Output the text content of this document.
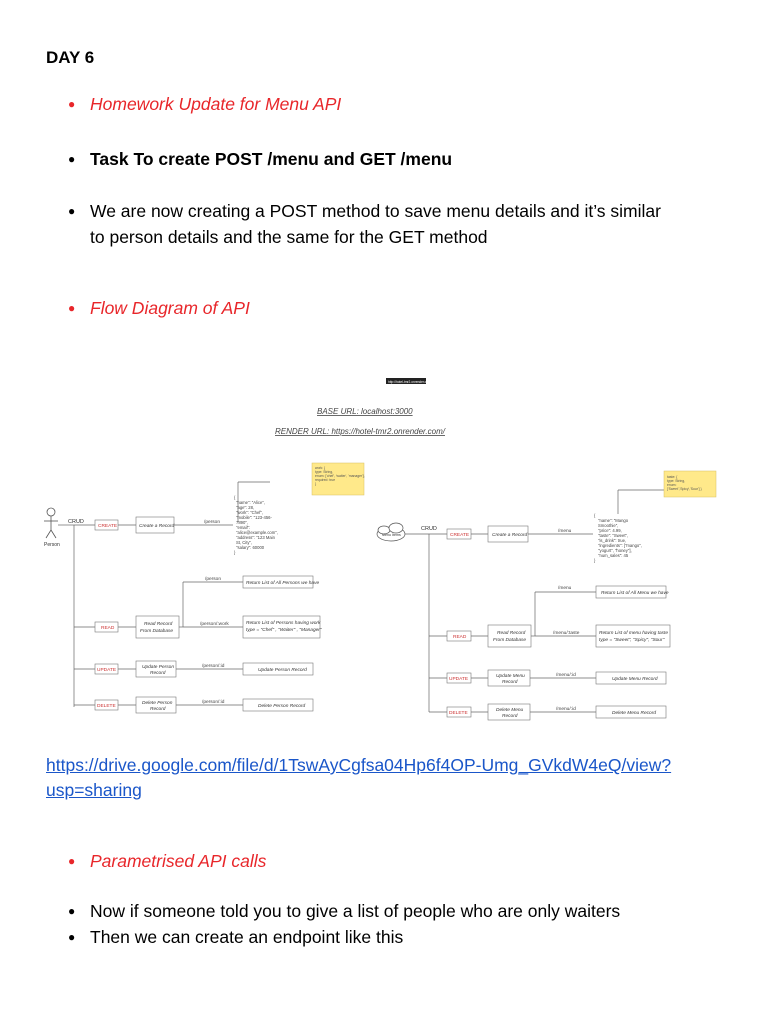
DAY 6
● Homework Update for Menu API
● Task To create POST /menu and GET /menu
● We are now creating a POST method to save menu details and it’s similar
to person details and the same for the GET method
● Flow Diagram of API
http://hotel-tmr2.onrender.com
BASE URL: localhost:3000
RENDER URL: https://hotel-tmr2.onrender.com/
Person
CRUD
CREATE
READ
UPDATE
DELETE
Create a Record
Read Record
From Database
Update Person
Record
Delete Person
Record
Return List of All Persons we have
Return List of Persons having work
type = "Chef" , "Waiter" , "Manager"
Update Person Record
Delete Person Record
/person
/person
/person/:work
/person/:id
/person/:id
{
"name": "Alice",
"age": 28,
"work": "Chef",
"mobile": "123-456-
7890",
"email":
"alice@example.com",
"address": "123 Main
St, City",
"salary": 60000
}
work: {
type: String,
enum: ['chef', 'waiter', 'manager'],
required: true
}
Menu Items
CRUD
CREATE
READ
UPDATE
DELETE
Create a Record
Read Record
From Database
Update Menu
Record
Delete Menu
Record
Return List of All Menu we have
Return List of menu having taste
type = "Sweet", "Spicy", "Sour"
Update Menu Record
Delete Menu Record
/menu
/menu
/menu/:taste
/menu/:id
/menu/:id
{
"name": "Mango
Smoothie",
"price": 4.99,
"taste": "Sweet",
"is_drink": true,
"ingredients": ["mango",
"yogurt", "honey"],
"num_sales": 45
}
taste: {
type: String,
enum:
['Sweet','Spicy','Sour'] }
https://drive.google.com/file/d/1TswAyCgfsa04Hp6f4OP-Umg_GVkdW4eQ/view?
usp=sharing
● Parametrised API calls
● Now if someone told you to give a list of people who are only waiters
● Then we can create an endpoint like this
